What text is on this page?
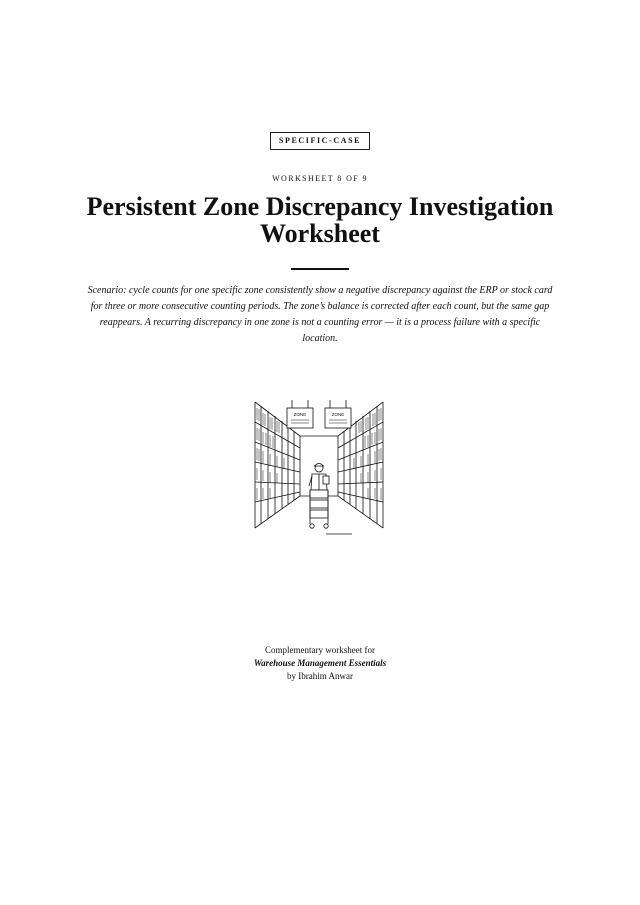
SPECIFIC-CASE
WORKSHEET 8 OF 9
Persistent Zone Discrepancy Investigation Worksheet
Scenario: cycle counts for one specific zone consistently show a negative discrepancy against the ERP or stock card for three or more consecutive counting periods. The zone’s balance is corrected after each count, but the same gap reappears. A recurring discrepancy in one zone is not a counting error — it is a process failure with a specific location.
ZONE	ZONE
Complementary worksheet for
Warehouse Management Essentials
by Ibrahim Anwar
